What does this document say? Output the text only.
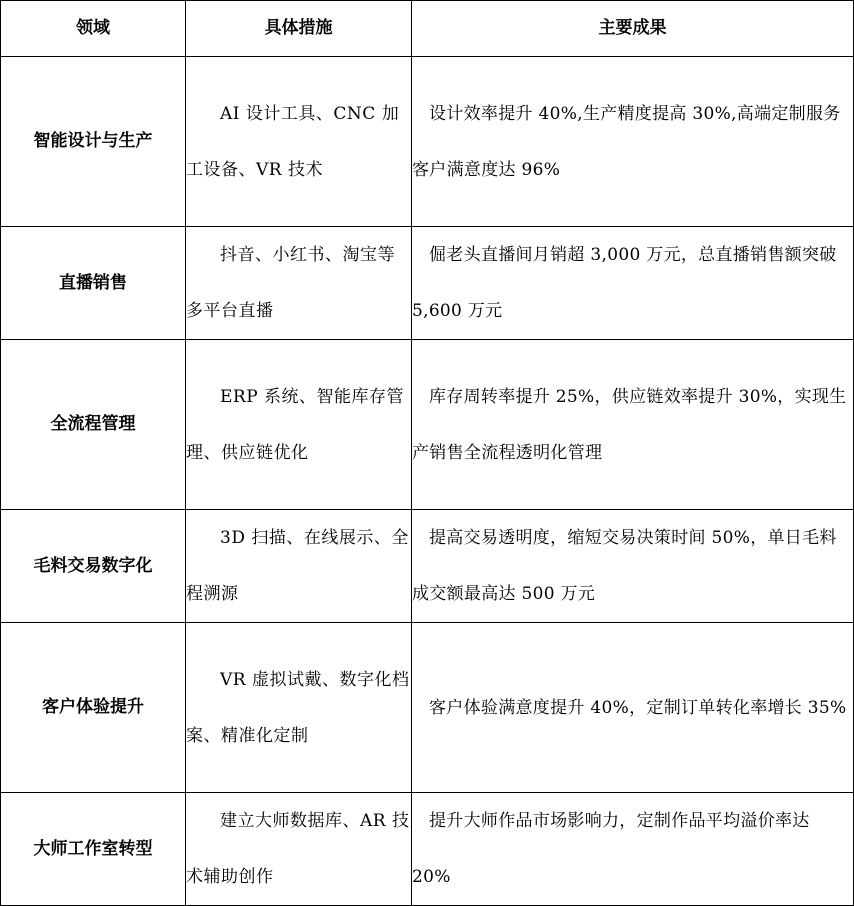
领域	具体措施	主要成果
智能设计与生产	AI 设计工具、CNC 加工设备、VR 技术	设计效率提升 40%,生产精度提高 30%,高端定制服务客户满意度达 96%

直播销售	抖音、小红书、淘宝等多平台直播	倔老头直播间月销超 3,000 万元，总直播销售额突破 5,600 万元

全流程管理	ERP 系统、智能库存管理、供应链优化	库存周转率提升 25%，供应链效率提升 30%，实现生产销售全流程透明化管理

毛料交易数字化	3D 扫描、在线展示、全程溯源	提高交易透明度，缩短交易决策时间 50%，单日毛料成交额最高达 500 万元

客户体验提升	VR 虚拟试戴、数字化档案、精准化定制	客户体验满意度提升 40%，定制订单转化率增长 35%

大师工作室转型	建立大师数据库、AR 技术辅助创作	提升大师作品市场影响力，定制作品平均溢价率达 20%
